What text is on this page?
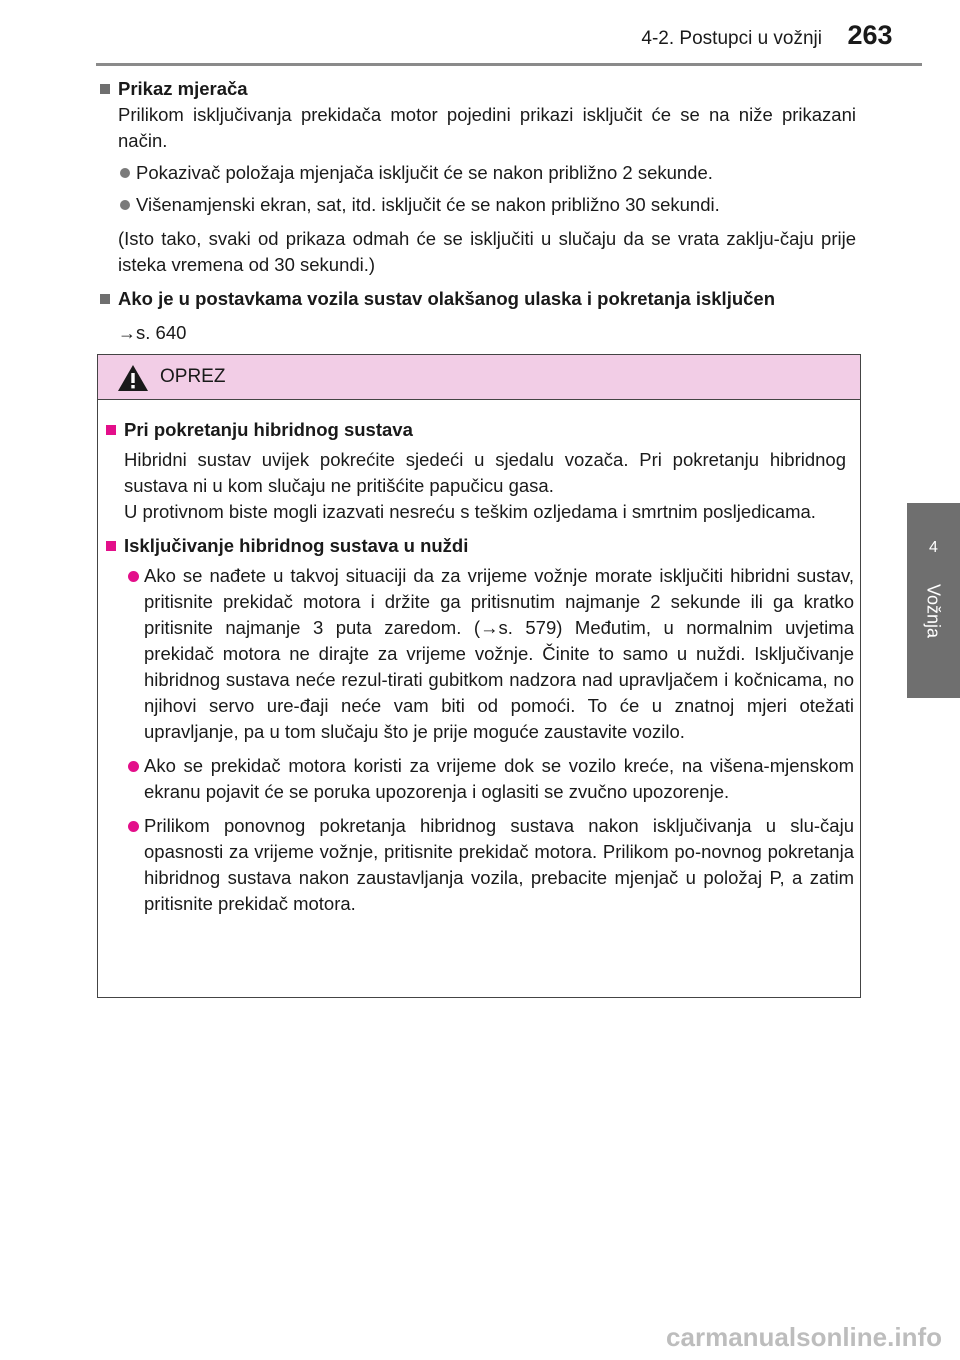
4-2. Postupci u vožnji 263
4
Vožnja
Prikaz mjerača
Prilikom isključivanja prekidača motor pojedini prikazi isključit će se na niže prikazani način.
Pokazivač položaja mjenjača isključit će se nakon približno 2 sekunde.
Višenamjenski ekran, sat, itd. isključit će se nakon približno 30 sekundi.
(Isto tako, svaki od prikaza odmah će se isključiti u slučaju da se vrata zaklju-čaju prije isteka vremena od 30 sekundi.)
Ako je u postavkama vozila sustav olakšanog ulaska i pokretanja isključen
→s. 640
OPREZ
Pri pokretanju hibridnog sustava
Hibridni sustav uvijek pokrećite sjedeći u sjedalu vozača. Pri pokretanju hibridnog sustava ni u kom slučaju ne pritišćite papučicu gasa.
U protivnom biste mogli izazvati nesreću s teškim ozljedama i smrtnim posljedicama.
Isključivanje hibridnog sustava u nuždi
Ako se nađete u takvoj situaciji da za vrijeme vožnje morate isključiti hibridni sustav, pritisnite prekidač motora i držite ga pritisnutim najmanje 2 sekunde ili ga kratko pritisnite najmanje 3 puta zaredom. (→s. 579) Međutim, u normalnim uvjetima prekidač motora ne dirajte za vrijeme vožnje. Činite to samo u nuždi. Isključivanje hibridnog sustava neće rezul-tirati gubitkom nadzora nad upravljačem i kočnicama, no njihovi servo ure-đaji neće vam biti od pomoći. To će u znatnoj mjeri otežati upravljanje, pa u tom slučaju što je prije moguće zaustavite vozilo.
Ako se prekidač motora koristi za vrijeme dok se vozilo kreće, na višena-mjenskom ekranu pojavit će se poruka upozorenja i oglasiti se zvučno upozorenje.
Prilikom ponovnog pokretanja hibridnog sustava nakon isključivanja u slu-čaju opasnosti za vrijeme vožnje, pritisnite prekidač motora. Prilikom po-novnog pokretanja hibridnog sustava nakon zaustavljanja vozila, prebacite mjenjač u položaj P, a zatim pritisnite prekidač motora.
carmanualsonline.info
